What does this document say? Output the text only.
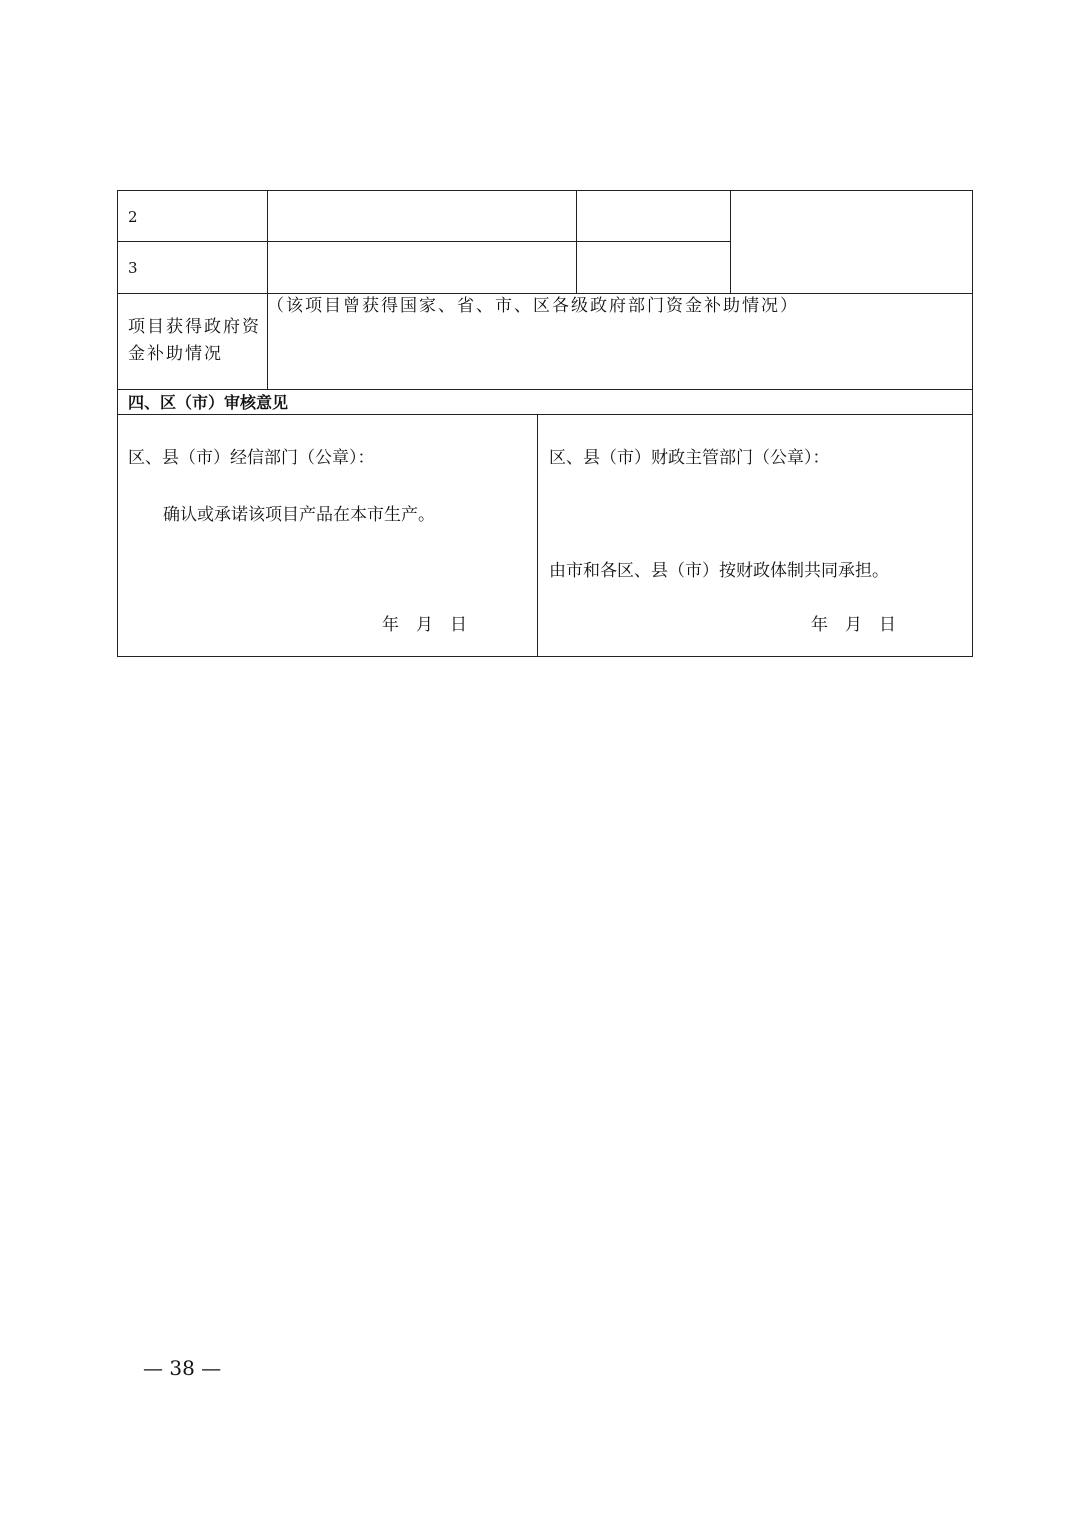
2
3
项目获得政府资
金补助情况
（该项目曾获得国家、省、市、区各级政府部门资金补助情况）
四、区（市）审核意见
区、县（市）经信部门（公章）：
确认或承诺该项目产品在本市生产。
年　月　日
区、县（市）财政主管部门（公章）：
由市和各区、县（市）按财政体制共同承担。
年　月　日
— 38 —
